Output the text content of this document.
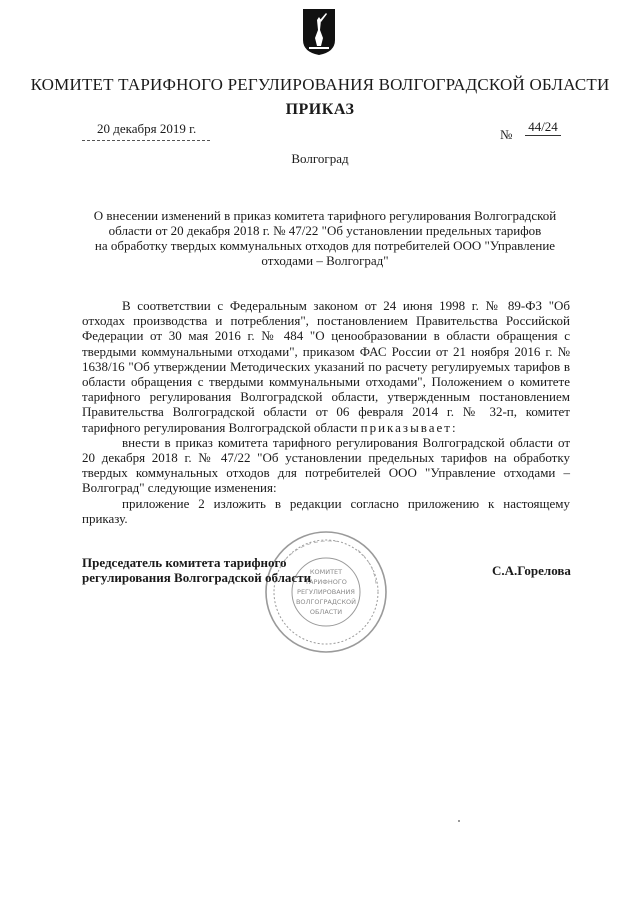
КОМИТЕТ ТАРИФНОГО РЕГУЛИРОВАНИЯ ВОЛГОГРАДСКОЙ ОБЛАСТИ
ПРИКАЗ
20 декабря 2019 г.	№
44/24
Волгоград
О внесении изменений в приказ комитета тарифного регулирования Волгоградской
области от 20 декабря 2018 г. № 47/22 "Об установлении предельных тарифов
на обработку твердых коммунальных отходов для потребителей ООО "Управление
отходами – Волгоград"

В соответствии с Федеральным законом от 24 июня 1998 г. № 89-ФЗ "Об отходах производства и потребления", постановлением Правительства Российской Федерации от 30 мая 2016 г. № 484 "О ценообразовании в области обращения с твердыми коммунальными отходами", приказом ФАС России от 21 ноября 2016 г. № 1638/16 "Об утверждении Методических указаний по расчету регулируемых тарифов в области обращения с твердыми коммунальными отходами", Положением о комитете тарифного регулирования Волгоградской области, утвержденным постановлением Правительства Волгоградской области от 06 февраля 2014 г. № 32-п, комитет тарифного регулирования Волгоградской области приказывает:

внести в приказ комитета тарифного регулирования Волгоградской области от 20 декабря 2018 г. № 47/22 "Об установлении предельных тарифов на обработку твердых коммунальных отходов для потребителей ООО "Управление отходами – Волгоград" следующие изменения:

приложение 2 изложить в редакции согласно приложению к настоящему приказу.

КОМИТЕТ
ТАРИФНОГО
РЕГУЛИРОВАНИЯ
ВОЛГОГРАДСКОЙ
ОБЛАСТИ
Председатель комитета тарифного
регулирования Волгоградской области	С.А.Горелова
